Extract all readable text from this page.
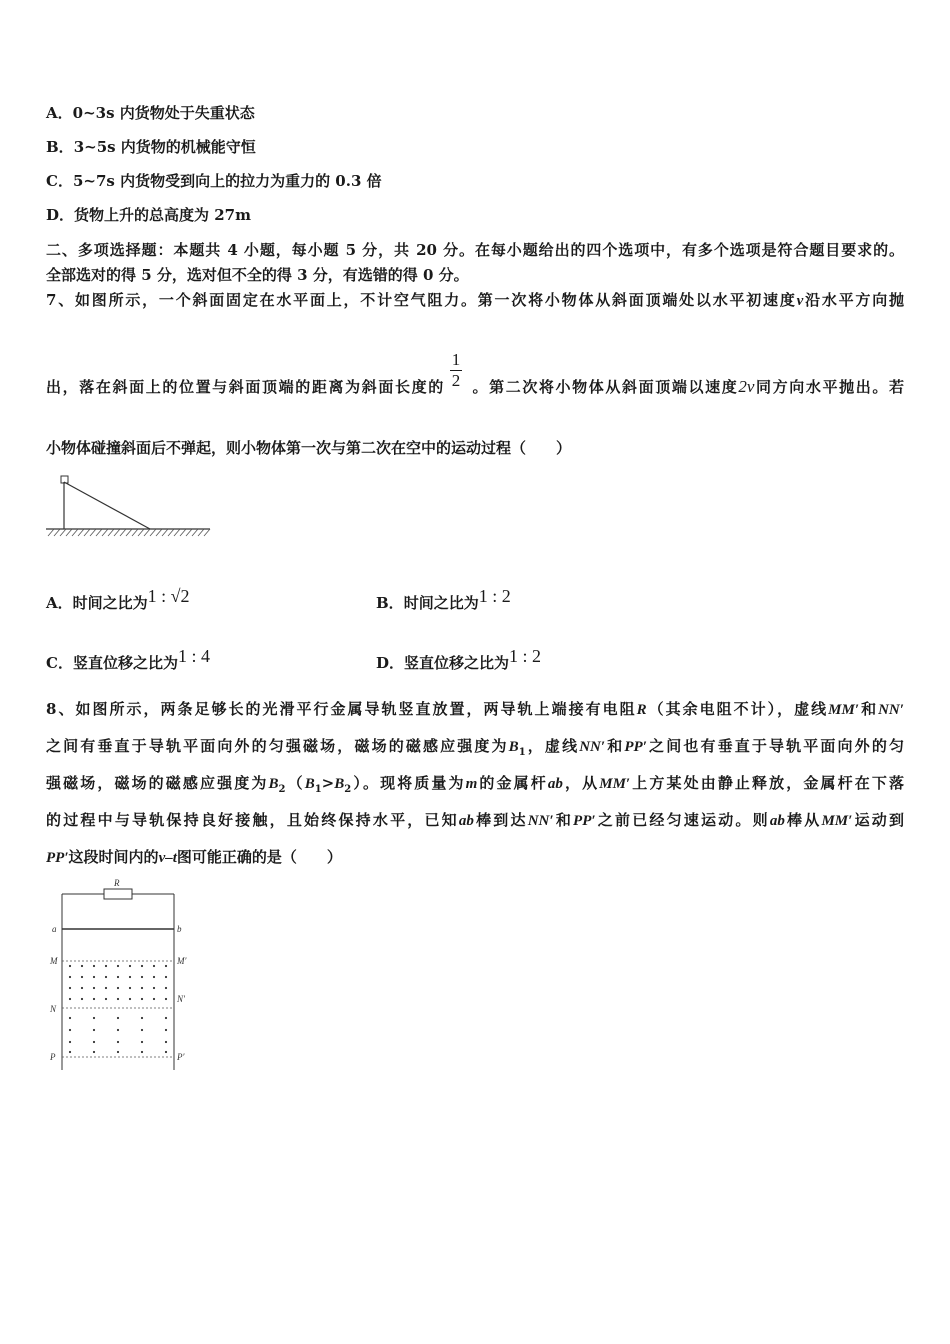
A．0~3s 内货物处于失重状态
B．3~5s 内货物的机械能守恒
C．5~7s 内货物受到向上的拉力为重力的 0.3 倍
D．货物上升的总高度为 27m
二、多项选择题：本题共 4 小题，每小题 5 分，共 20 分。在每小题给出的四个选项中，有多个选项是符合题目要求的。
全部选对的得 5 分，选对但不全的得 3 分，有选错的得 0 分。
7、如图所示，一个斜面固定在水平面上，不计空气阻力。第一次将小物体从斜面顶端处以水平初速度v沿水平方向抛
出，落在斜面上的位置与斜面顶端的距离为斜面长度的 。第二次将小物体从斜面顶端以速度2v同方向水平抛出。若
1
2
小物体碰撞斜面后不弹起，则小物体第一次与第二次在空中的运动过程（　　）
A．时间之比为1 : √2	B．时间之比为1 : 2
C．竖直位移之比为1 : 4	D．竖直位移之比为1 : 2
8、如图所示，两条足够长的光滑平行金属导轨竖直放置，两导轨上端接有电阻R（其余电阻不计），虚线MM′和NN′
之间有垂直于导轨平面向外的匀强磁场，磁场的磁感应强度为$B_1$，虚线NN′和PP′之间也有垂直于导轨平面向外的匀
强磁场，磁场的磁感应强度为$B_2(B_1>B_2)$。现将质量为m的金属杆ab，从MM′上方某处由静止释放，金属杆在下落
的过程中与导轨保持良好接触，且始终保持水平，已知ab棒到达NN′和PP′之前已经匀速运动。则ab棒从MM′运动到
PP′这段时间内的v–t图可能正确的是（　　）
R
a	b
M	M′
N
N′
P	P′
